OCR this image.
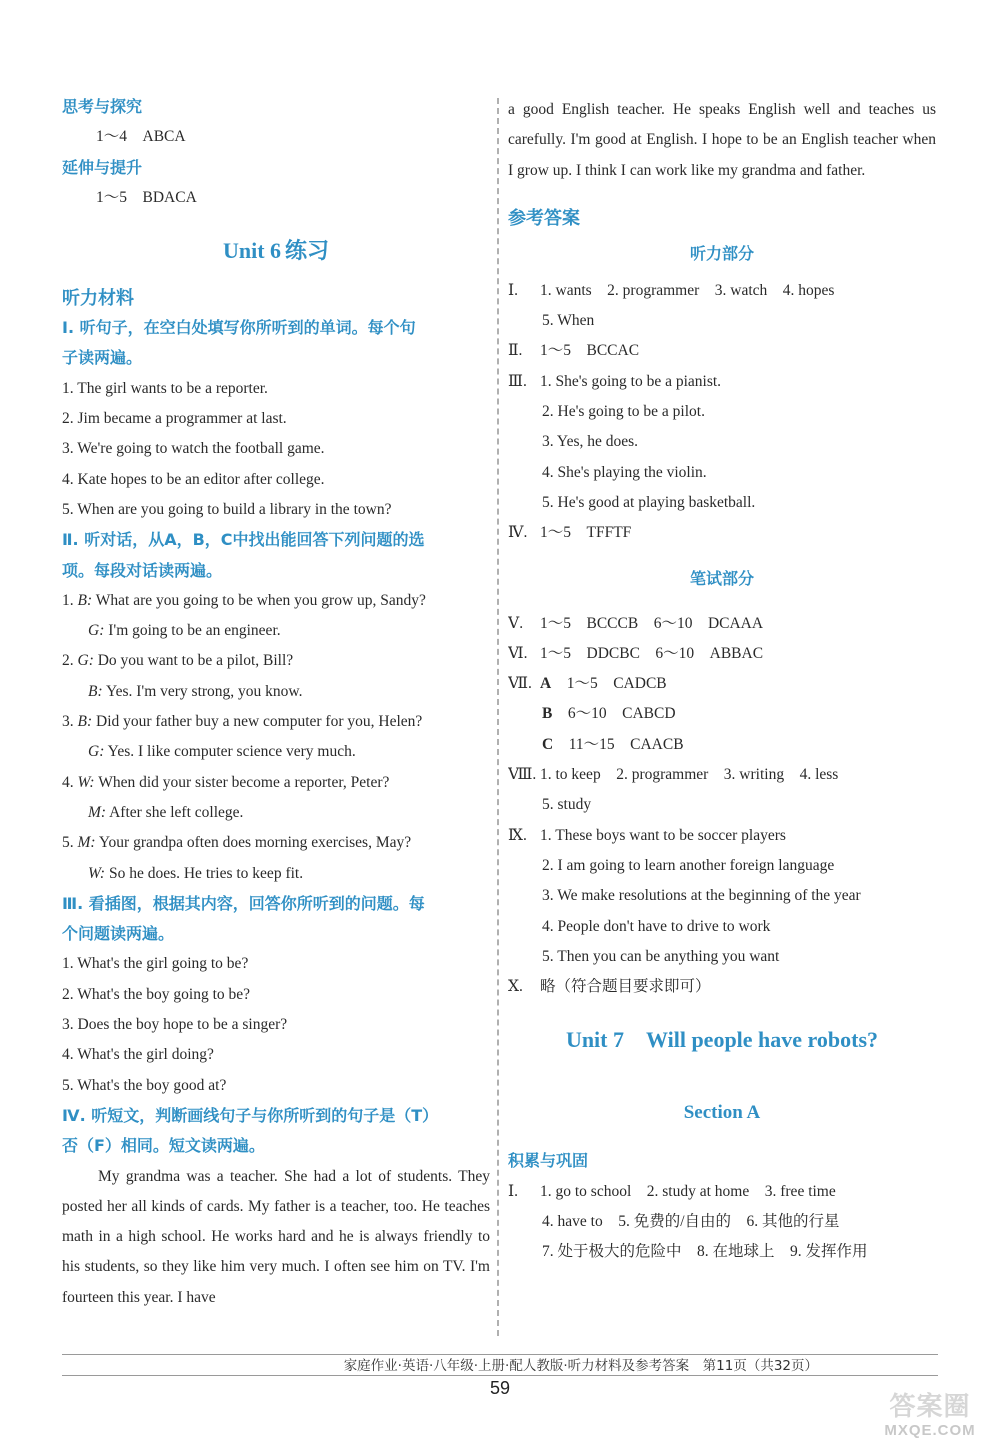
思考与探究
1～4　ABCA
延伸与提升
1～5　BDACA
Unit 6 练习
听力材料
Ⅰ. 听句子，在空白处填写你所听到的单词。每个句
子读两遍。
1. The girl wants to be a reporter.
2. Jim became a programmer at last.
3. We're going to watch the football game.
4. Kate hopes to be an editor after college.
5. When are you going to build a library in the town?
Ⅱ. 听对话，从A，B，C中找出能回答下列问题的选
项。每段对话读两遍。
1. B: What are you going to be when you grow up, Sandy?
G: I'm going to be an engineer.
2. G: Do you want to be a pilot, Bill?
B: Yes. I'm very strong, you know.
3. B: Did your father buy a new computer for you, Helen?
G: Yes. I like computer science very much.
4. W: When did your sister become a reporter, Peter?
M: After she left college.
5. M: Your grandpa often does morning exercises, May?
W: So he does. He tries to keep fit.
Ⅲ. 看插图，根据其内容，回答你所听到的问题。每
个问题读两遍。
1. What's the girl going to be?
2. What's the boy going to be?
3. Does the boy hope to be a singer?
4. What's the girl doing?
5. What's the boy good at?
Ⅳ. 听短文，判断画线句子与你所听到的句子是（T）
否（F）相同。短文读两遍。
My grandma was a teacher. She had a lot of students. They posted her all kinds of cards. My father is a teacher, too. He teaches math in a high school. He works hard and he is always friendly to his students, so they like him very much. I often see him on TV. I'm fourteen this year. I have
a good English teacher. He speaks English well and teaches us carefully. I'm good at English. I hope to be an English teacher when I grow up. I think I can work like my grandma and father.
参考答案
听力部分
Ⅰ. 1. wants　2. programmer　3. watch　4. hopes
5. When
Ⅱ. 1～5　BCCAC
Ⅲ. 1. She's going to be a pianist.
2. He's going to be a pilot.
3. Yes, he does.
4. She's playing the violin.
5. He's good at playing basketball.
Ⅳ. 1～5　TFFTF
笔试部分
Ⅴ. 1～5　BCCCB　6～10　DCAAA
Ⅵ. 1～5　DDCBC　6～10　ABBAC
Ⅶ. A　 1～5　CADCB
B　 6～10　CABCD
C　 11～15　CAACB
Ⅷ. 1. to keep　2. programmer　3. writing　4. less
5. study
Ⅸ. 1. These boys want to be soccer players
2. I am going to learn another foreign language
3. We make resolutions at the beginning of the year
4. People don't have to drive to work
5. Then you can be anything you want
Ⅹ. 略（符合题目要求即可）
Unit 7　Will people have robots?
Section A
积累与巩固
Ⅰ. 1. go to school　2. study at home　3. free time
4. have to　5. 免费的/自由的　6. 其他的行星
7. 处于极大的危险中　8. 在地球上　9. 发挥作用
家庭作业·英语·八年级·上册·配人教版·听力材料及参考答案　第11页（共32页）
59
答案圈
MXQE.COM
